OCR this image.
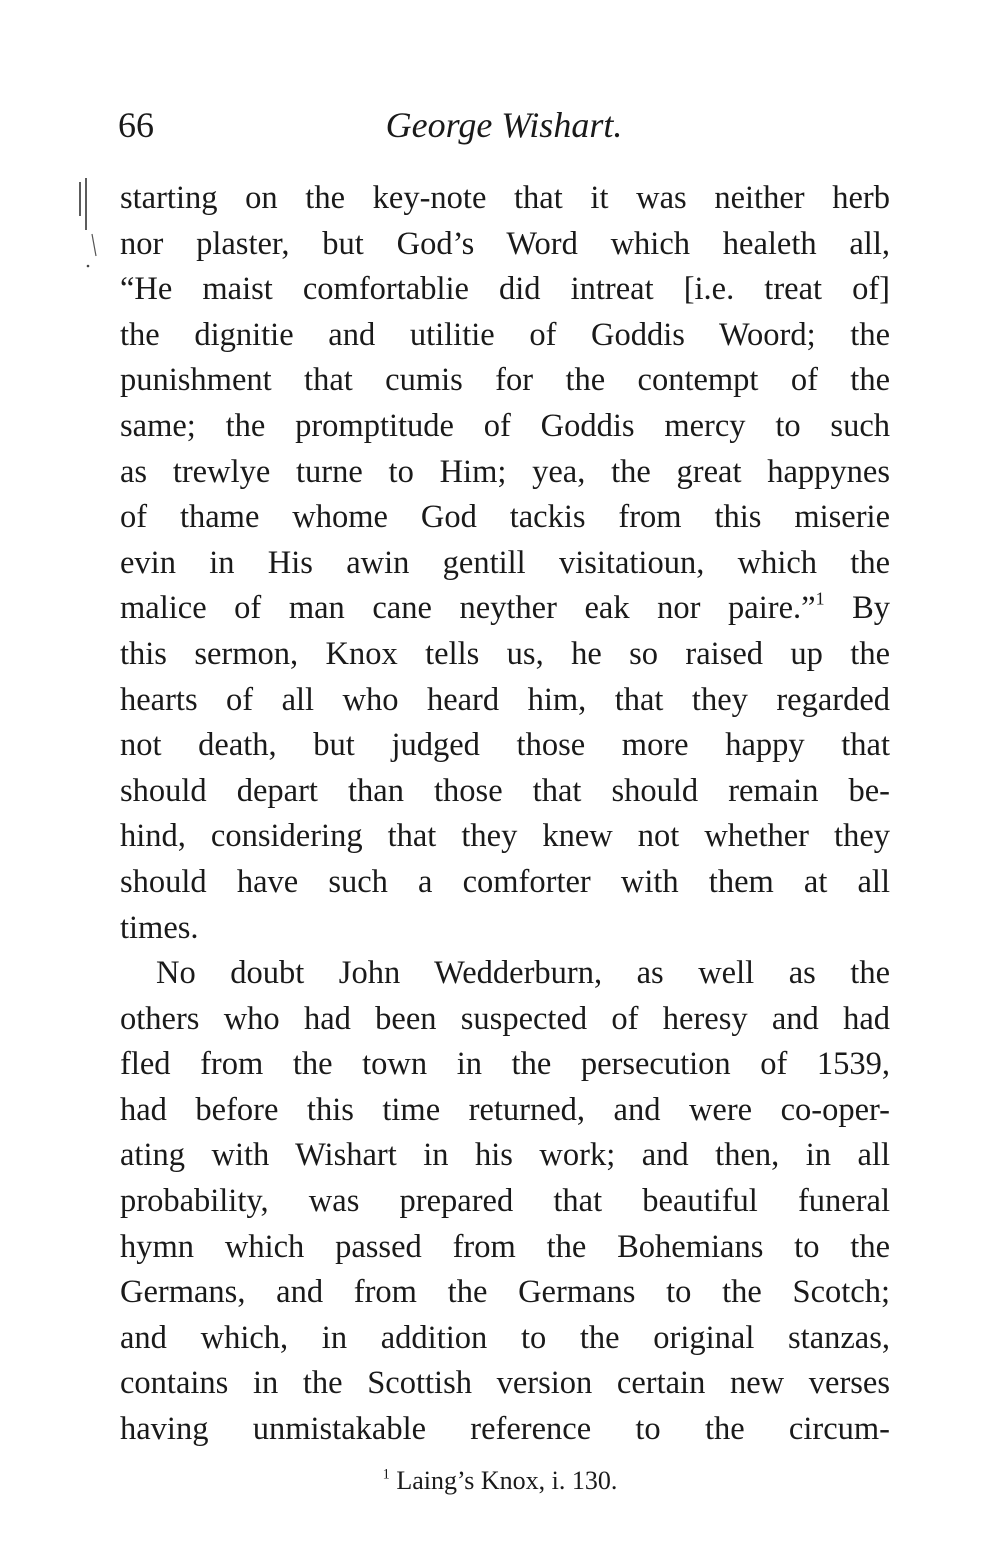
66	George Wishart.
starting on the key-note that it was neither herb
nor plaster, but God’s Word which healeth all,
“He maist comfortablie did intreat [i.e. treat of]
the dignitie and utilitie of Goddis Woord; the
punishment that cumis for the contempt of the
same; the promptitude of Goddis mercy to such
as trewlye turne to Him; yea, the great happynes
of thame whome God tackis from this miserie
evin in His awin gentill visitatioun, which the
malice of man cane neyther eak nor paire.”$^1$ By
this sermon, Knox tells us, he so raised up the
hearts of all who heard him, that they regarded
not death, but judged those more happy that
should depart than those that should remain be-
hind, considering that they knew not whether they
should have such a comforter with them at all
times.
No doubt John Wedderburn, as well as the
others who had been suspected of heresy and had
fled from the town in the persecution of 1539,
had before this time returned, and were co-oper-
ating with Wishart in his work; and then, in all
probability, was prepared that beautiful funeral
hymn which passed from the Bohemians to the
Germans, and from the Germans to the Scotch;
and which, in addition to the original stanzas,
contains in the Scottish version certain new verses
having unmistakable reference to the circum-
$^1$ Laing’s Knox, i. 130.
